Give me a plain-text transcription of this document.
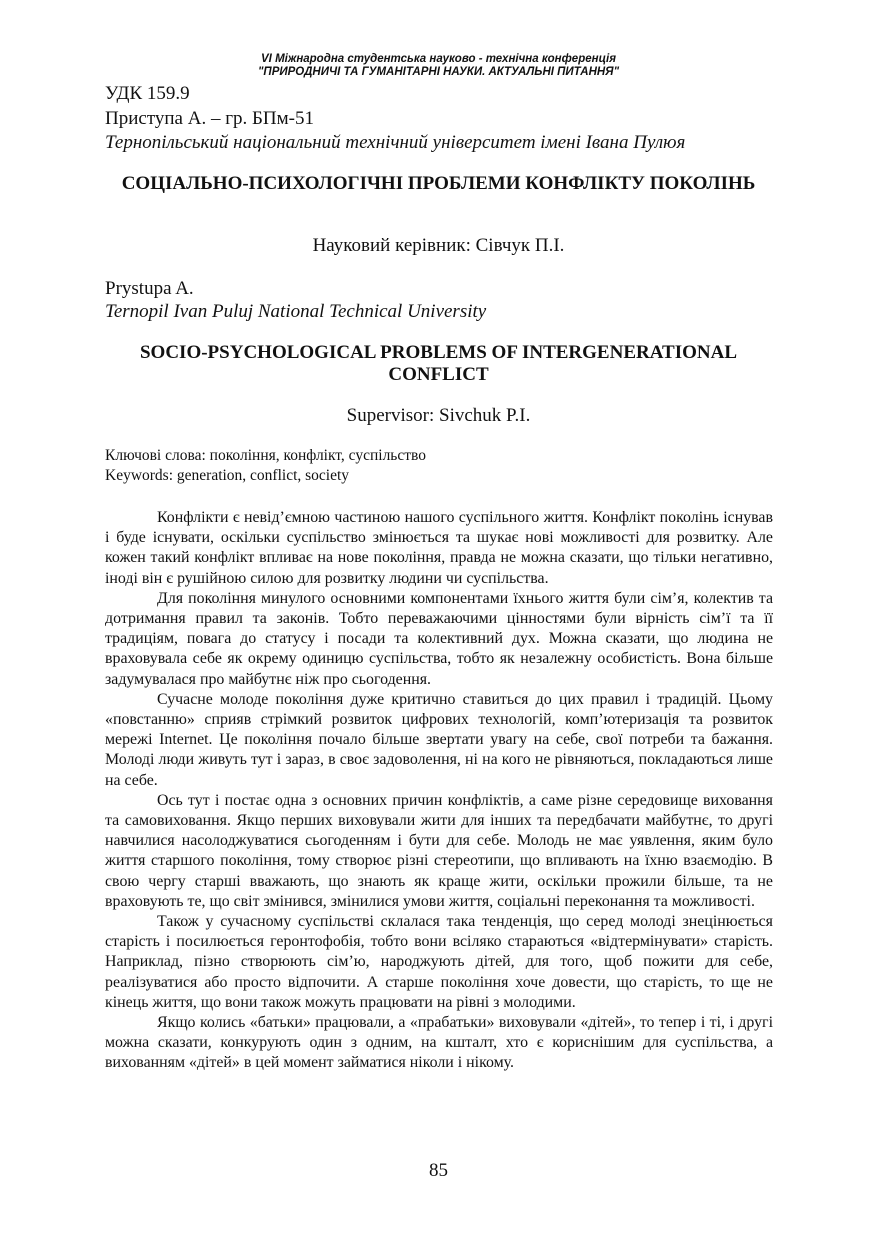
VI Міжнародна студентська науково - технічна конференція
"ПРИРОДНИЧІ ТА ГУМАНІТАРНІ НАУКИ. АКТУАЛЬНІ ПИТАННЯ"
УДК 159.9
Приступа А. – гр. БПм-51
Тернопільський національний технічний університет імені Івана Пулюя
СОЦІАЛЬНО-ПСИХОЛОГІЧНІ ПРОБЛЕМИ КОНФЛІКТУ ПОКОЛІНЬ
Науковий керівник: Сівчук П.І.
Prystupa A.
Ternopil Ivan Puluj National Technical University
SOCIO-PSYCHOLOGICAL PROBLEMS OF INTERGENERATIONAL CONFLICT
Supervisor: Sivchuk P.I.
Ключові слова: покоління, конфлікт, суспільство
Keywords: generation, conflict, society

Конфлікти є невід’ємною частиною нашого суспільного життя. Конфлікт поколінь існував і буде існувати, оскільки суспільство змінюється та шукає нові можливості для розвитку. Але кожен такий конфлікт впливає на нове покоління, правда не можна сказати, що тільки негативно, іноді він є рушійною силою для розвитку людини чи суспільства.

Для покоління минулого основними компонентами їхнього життя були сім’я, колектив та дотримання правил та законів. Тобто переважаючими цінностями були вірність сім’ї та її традиціям, повага до статусу і посади та колективний дух. Можна сказати, що людина не враховувала себе як окрему одиницю суспільства, тобто як незалежну особистість. Вона більше задумувалася про майбутнє ніж про сьогодення.

Сучасне молоде покоління дуже критично ставиться до цих правил і традицій. Цьому «повстанню» сприяв стрімкий розвиток цифрових технологій, комп’ютеризація та розвиток мережі Internet. Це покоління почало більше звертати увагу на себе, свої потреби та бажання. Молоді люди живуть тут і зараз, в своє задоволення, ні на кого не рівняються, покладаються лише на себе.

Ось тут і постає одна з основних причин конфліктів, а саме різне середовище виховання та самовиховання. Якщо перших виховували жити для інших та передбачати майбутнє, то другі навчилися насолоджуватися сьогоденням і бути для себе. Молодь не має уявлення, яким було життя старшого покоління, тому створює різні стереотипи, що впливають на їхню взаємодію. В свою чергу старші вважають, що знають як краще жити, оскільки прожили більше, та не враховують те, що світ змінився, змінилися умови життя, соціальні переконання та можливості.

Також у сучасному суспільстві склалася така тенденція, що серед молоді знецінюється старість і посилюється геронтофобія, тобто вони всіляко стараються «відтермінувати» старість. Наприклад, пізно створюють сім’ю, народжують дітей, для того, щоб пожити для себе, реалізуватися або просто відпочити. А старше покоління хоче довести, що старість, то ще не кінець життя, що вони також можуть працювати на рівні з молодими.

Якщо колись «батьки» працювали, а «прабатьки» виховували «дітей», то тепер і ті, і другі можна сказати, конкурують один з одним, на кшталт, хто є кориснішим для суспільства, а вихованням «дітей» в цей момент займатися ніколи і нікому.

85
